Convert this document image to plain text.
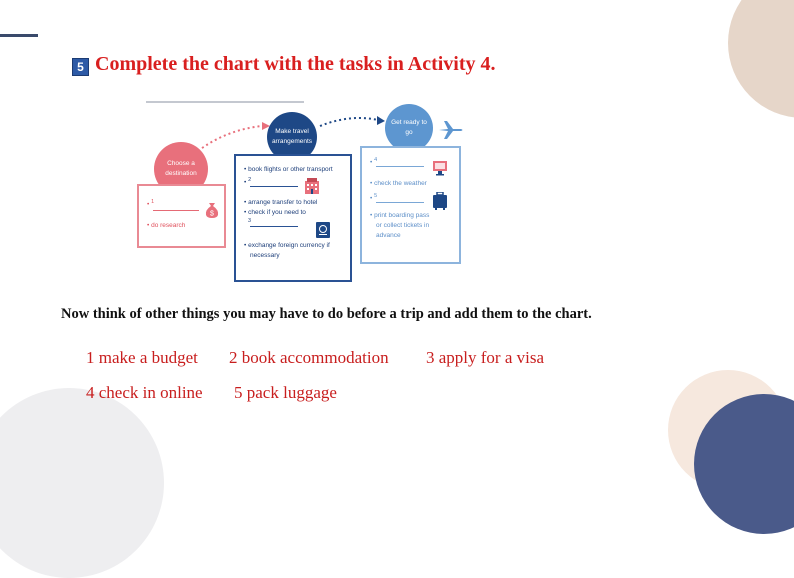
5 Complete the chart with the tasks in Activity 4.
Choose a destination
Make travel arrangements
Get ready to go
• $^1$
• do research
$
• book flights or other transport
• $^2$
• arrange transfer to hotel
• check if you need to
$^3$
• exchange foreign currency if
necessary
• $^4$
• check the weather
• $^5$
• print boarding pass
or collect tickets in
advance
Now think of other things you may have to do before a trip and add them to the chart.
1 make a budget 2 book accommodation 3 apply for a visa
4 check in online 5 pack luggage
